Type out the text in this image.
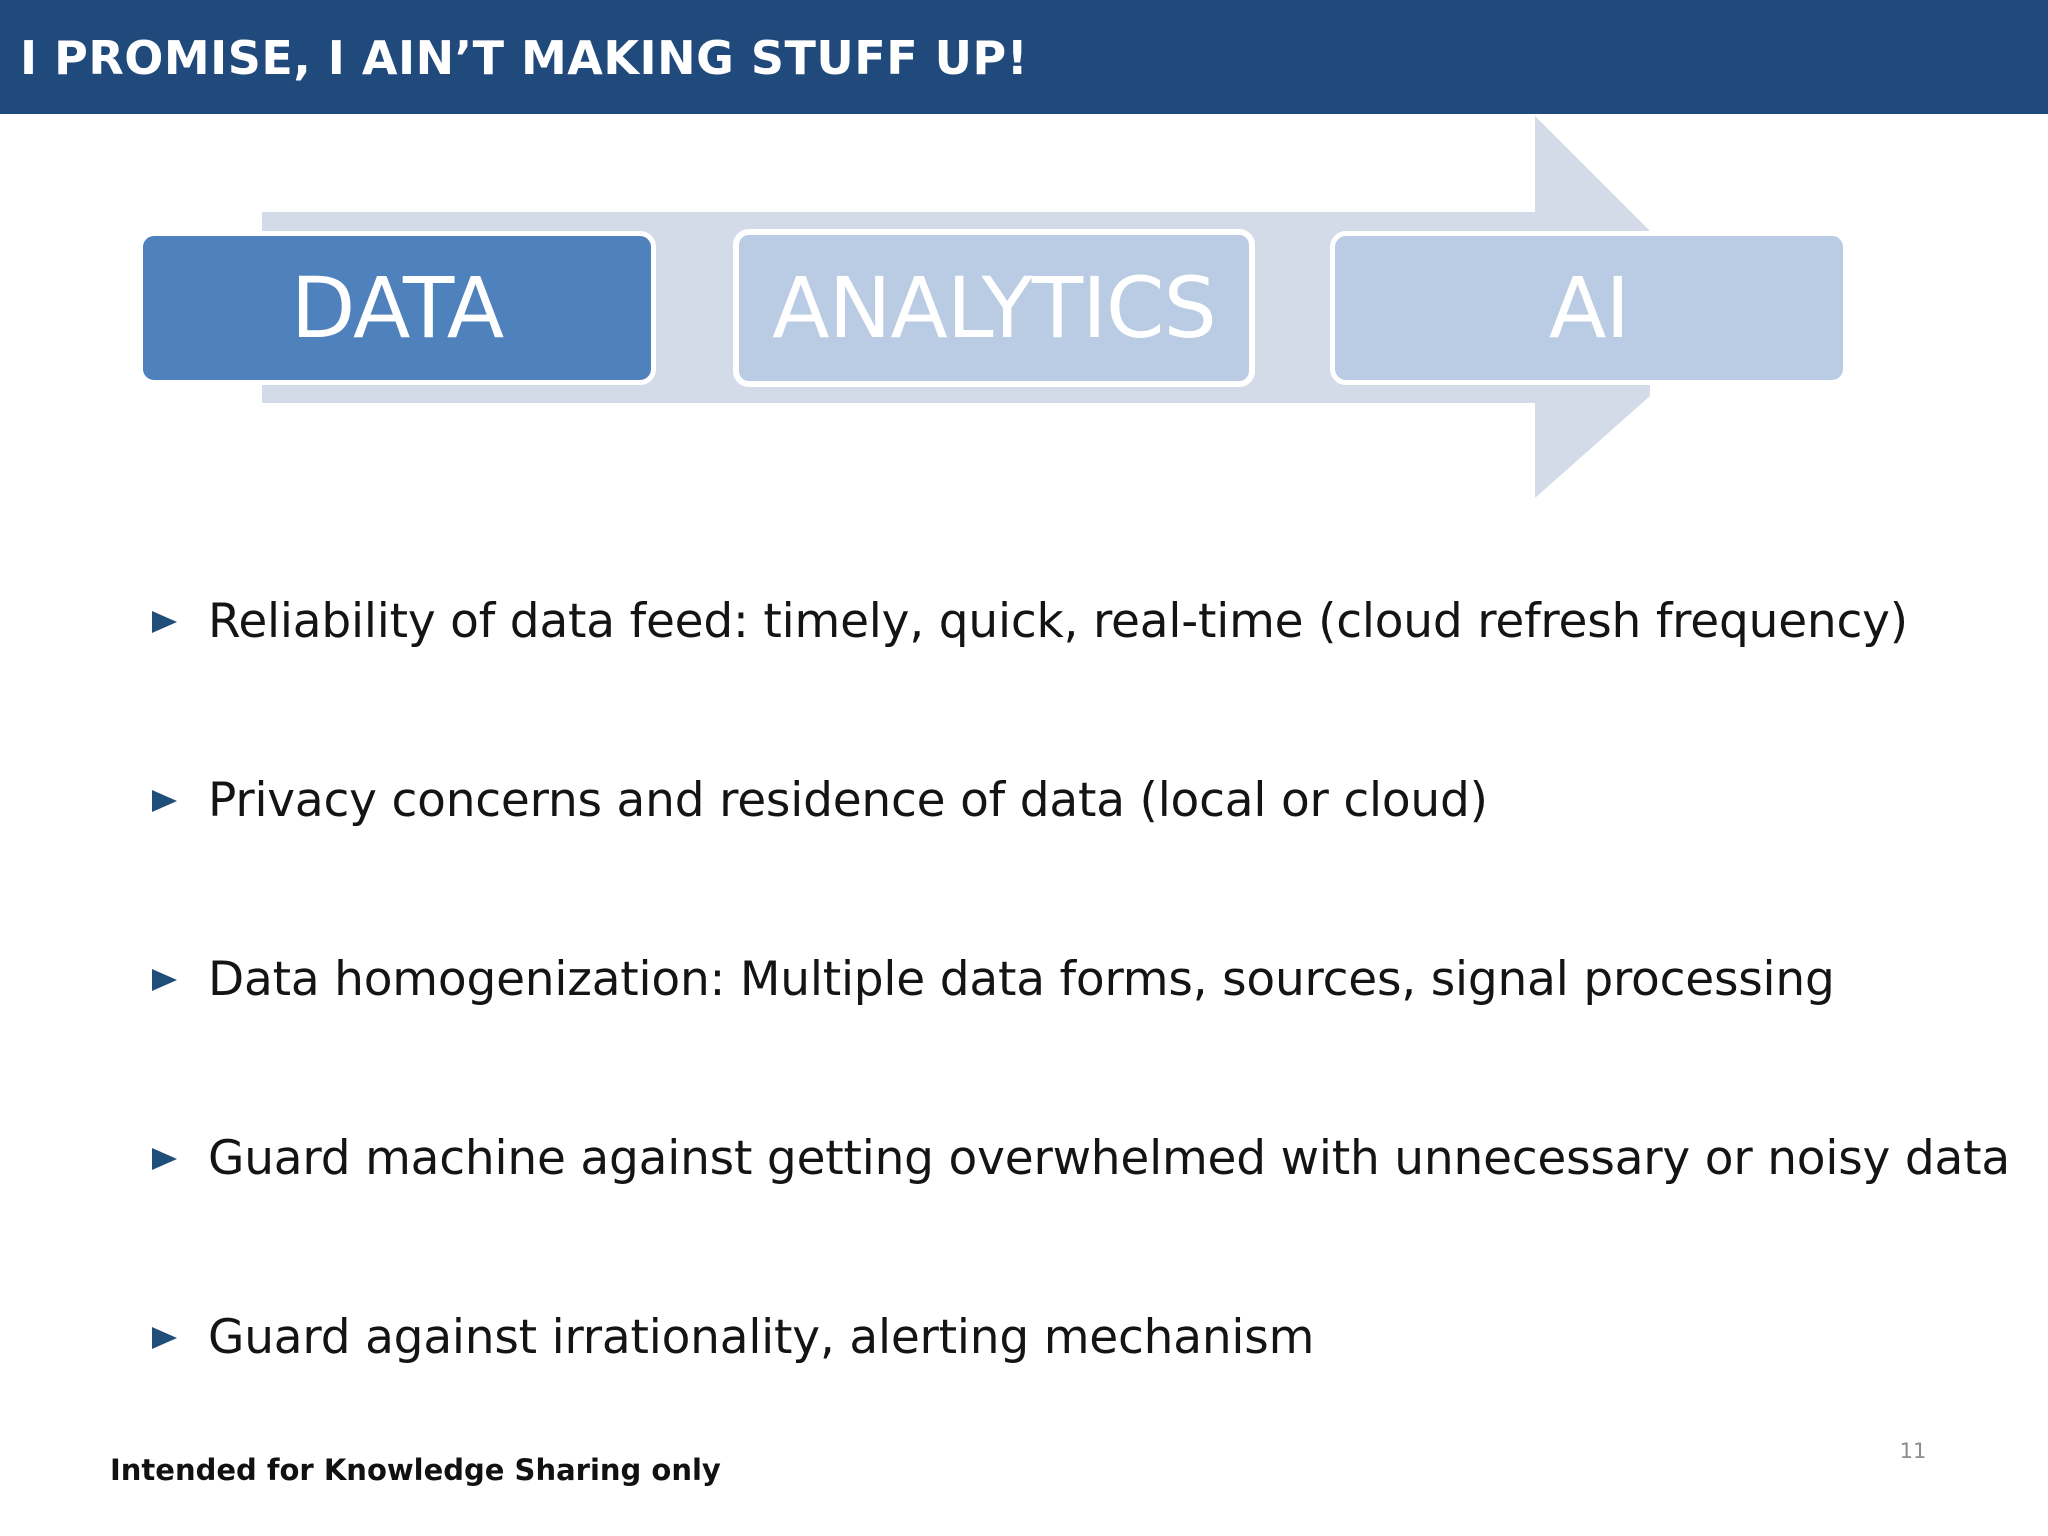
I PROMISE, I AIN’T MAKING STUFF UP!
DATA	ANALYTICS	AI
Reliability of data feed: timely, quick, real-time (cloud refresh frequency)
Privacy concerns and residence of data (local or cloud)
Data homogenization: Multiple data forms, sources, signal processing
Guard machine against getting overwhelmed with unnecessary or noisy data
Guard against irrationality, alerting mechanism
Intended for Knowledge Sharing only
11
